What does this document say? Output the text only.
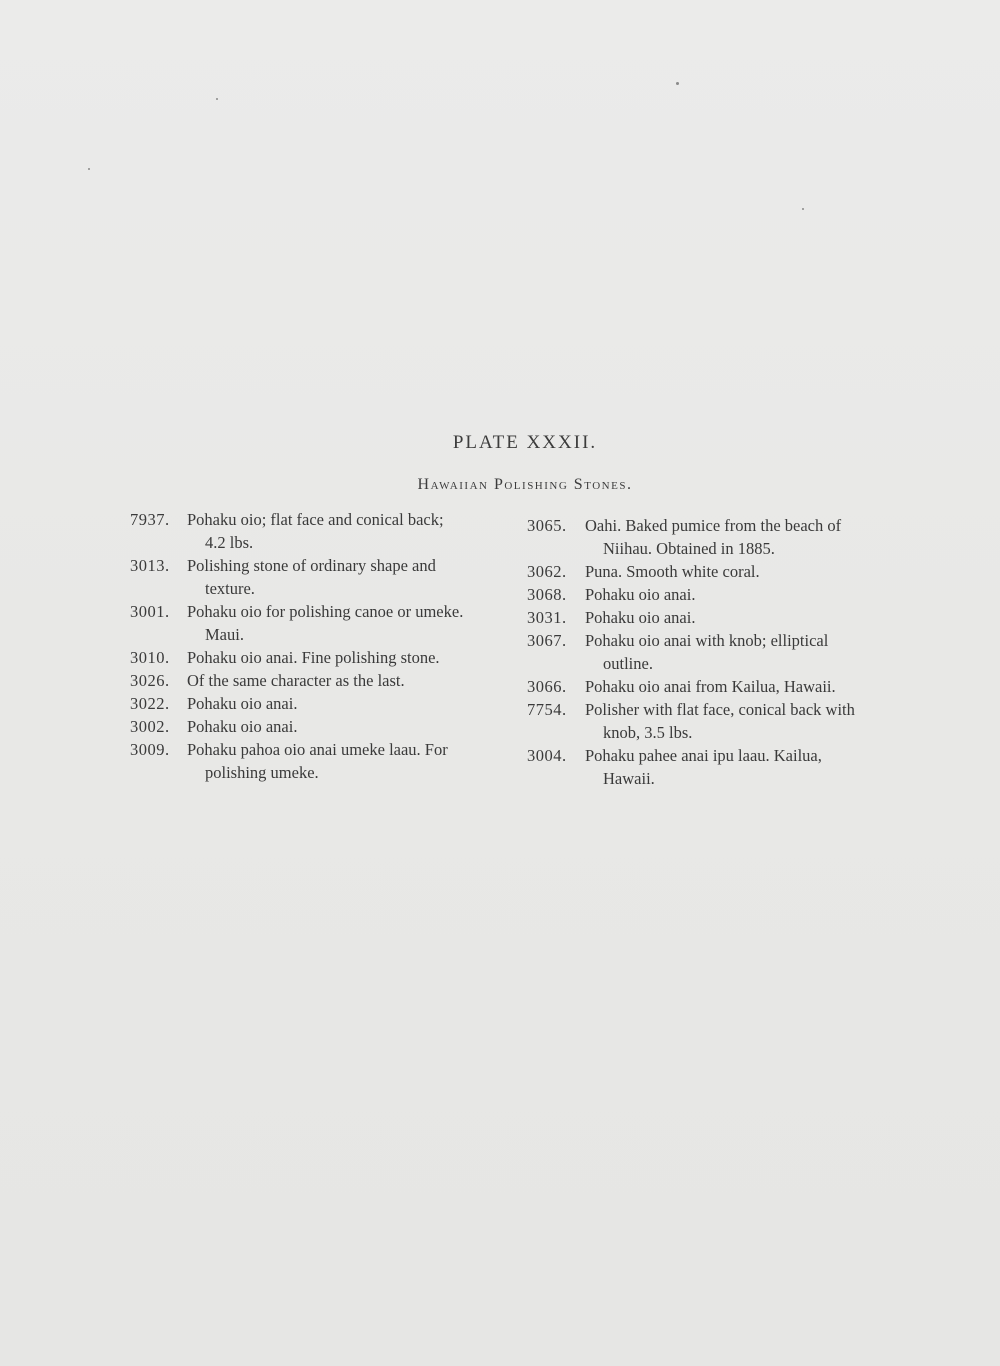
PLATE XXXII.
Hawaiian Polishing Stones.
7937.	Pohaku oio; flat face and conical back;
4.2 lbs.
3013.	Polishing stone of ordinary shape and
texture.
3001.	Pohaku oio for polishing canoe or umeke.
Maui.
3010.	Pohaku oio anai. Fine polishing stone.
3026.	Of the same character as the last.
3022.	Pohaku oio anai.
3002.	Pohaku oio anai.
3009.	Pohaku pahoa oio anai umeke laau. For
polishing umeke.
3065.	Oahi. Baked pumice from the beach of
Niihau. Obtained in 1885.
3062.	Puna. Smooth white coral.
3068.	Pohaku oio anai.
3031.	Pohaku oio anai.
3067.	Pohaku oio anai with knob; elliptical
outline.
3066.	Pohaku oio anai from Kailua, Hawaii.
7754.	Polisher with flat face, conical back with
knob, 3.5 lbs.
3004.	Pohaku pahee anai ipu laau. Kailua,
Hawaii.
